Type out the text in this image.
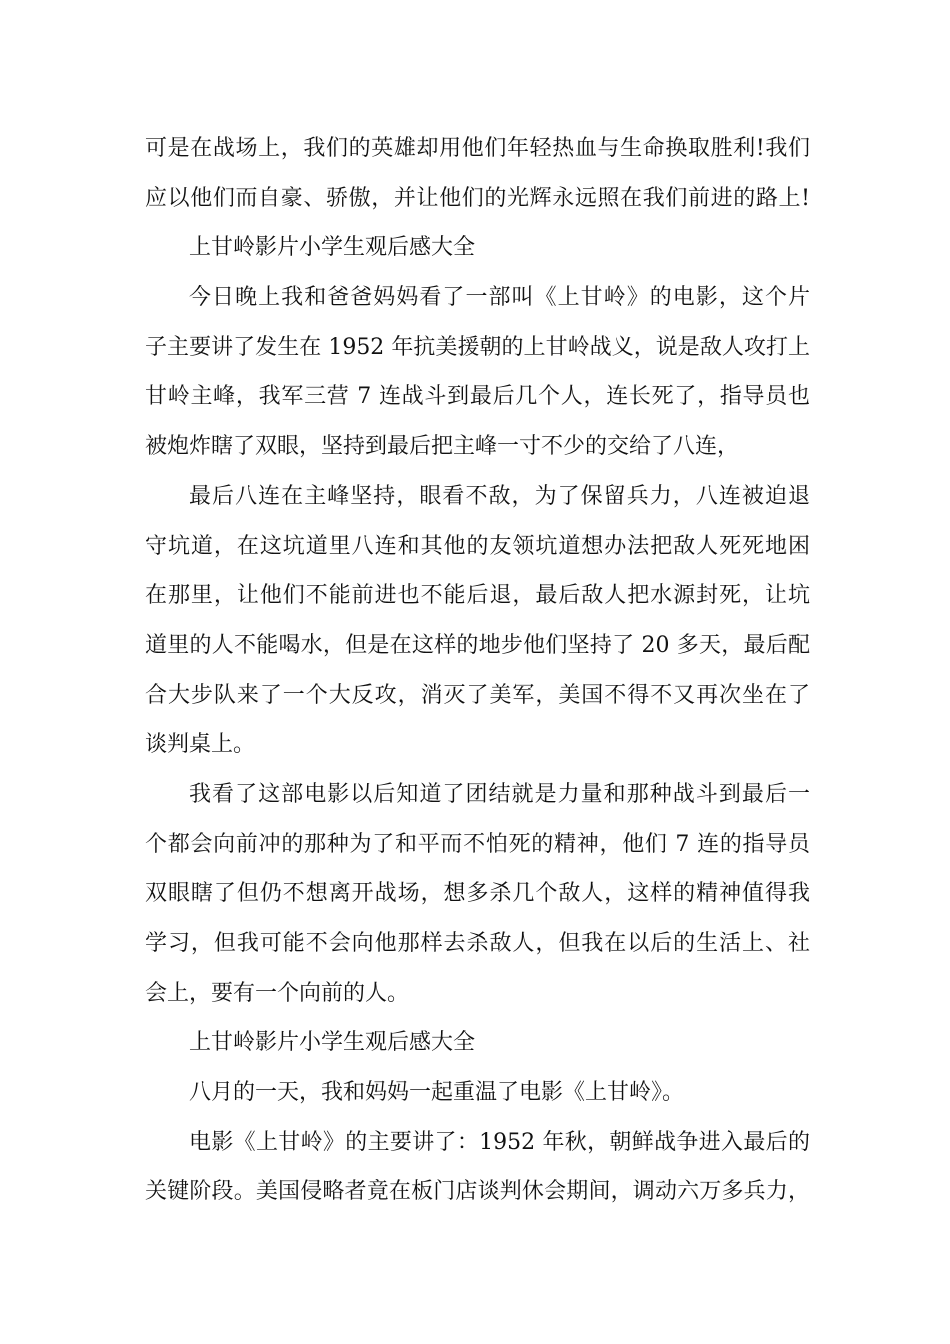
可是在战场上，我们的英雄却用他们年轻热血与生命换取胜利!我们
应以他们而自豪、骄傲，并让他们的光辉永远照在我们前进的路上!
上甘岭影片小学生观后感大全
今日晚上我和爸爸妈妈看了一部叫《上甘岭》的电影，这个片
子主要讲了发生在 1952 年抗美援朝的上甘岭战义，说是敌人攻打上
甘岭主峰，我军三营 7 连战斗到最后几个人，连长死了，指导员也
被炮炸瞎了双眼，坚持到最后把主峰一寸不少的交给了八连，
最后八连在主峰坚持，眼看不敌，为了保留兵力，八连被迫退
守坑道，在这坑道里八连和其他的友领坑道想办法把敌人死死地困
在那里，让他们不能前进也不能后退，最后敌人把水源封死，让坑
道里的人不能喝水，但是在这样的地步他们坚持了 20 多天，最后配
合大步队来了一个大反攻，消灭了美军，美国不得不又再次坐在了
谈判桌上。
我看了这部电影以后知道了团结就是力量和那种战斗到最后一
个都会向前冲的那种为了和平而不怕死的精神，他们 7 连的指导员
双眼瞎了但仍不想离开战场，想多杀几个敌人，这样的精神值得我
学习，但我可能不会向他那样去杀敌人，但我在以后的生活上、社
会上，要有一个向前的人。
上甘岭影片小学生观后感大全
八月的一天，我和妈妈一起重温了电影《上甘岭》。
电影《上甘岭》的主要讲了：1952 年秋，朝鲜战争进入最后的
关键阶段。美国侵略者竟在板门店谈判休会期间，调动六万多兵力，
